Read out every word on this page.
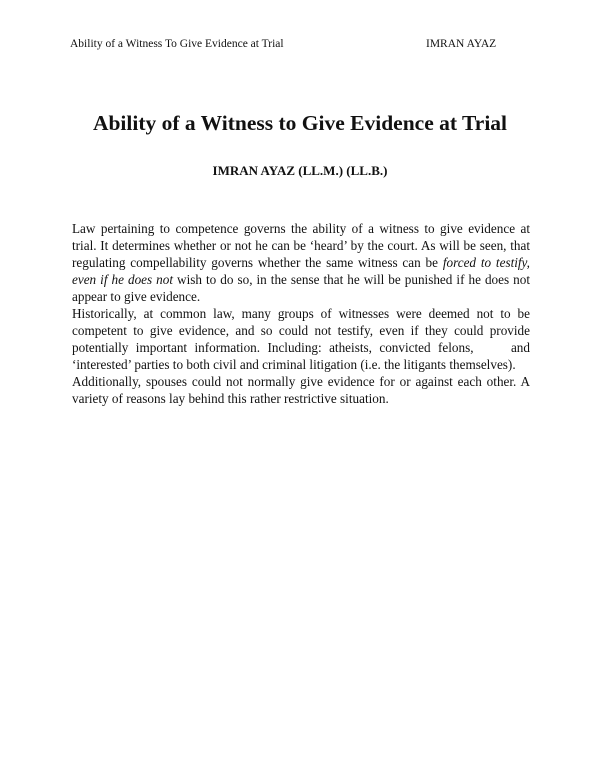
Ability of a Witness To Give Evidence at Trial	IMRAN AYAZ
Ability of a Witness to Give Evidence at Trial
IMRAN AYAZ (LL.M.) (LL.B.)

Law pertaining to competence governs the ability of a witness to give evidence at trial. It determines whether or not he can be ‘heard’ by the court. As will be seen, that regulating compellability governs whether the same witness can be forced to testify, even if he does not wish to do so, in the sense that he will be punished if he does not appear to give evidence.

Historically, at common law, many groups of witnesses were deemed not to be competent to give evidence, and so could not testify, even if they could provide potentially important information. Including: atheists, convicted felons,	and ‘interested’ parties to both civil and criminal litigation (i.e. the litigants themselves).

Additionally, spouses could not normally give evidence for or against each other. A variety of reasons lay behind this rather restrictive situation.
